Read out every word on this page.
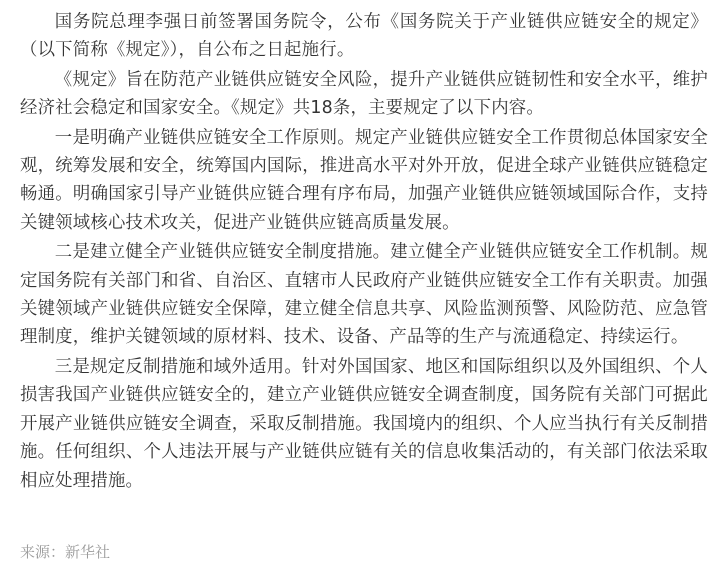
国务院总理李强日前签署国务院令，公布《国务院关于产业链供应链安全的规定》（以下简称《规定》），自公布之日起施行。

《规定》旨在防范产业链供应链安全风险，提升产业链供应链韧性和安全水平，维护经济社会稳定和国家安全。《规定》共18条，主要规定了以下内容。

一是明确产业链供应链安全工作原则。规定产业链供应链安全工作贯彻总体国家安全观，统筹发展和安全，统筹国内国际，推进高水平对外开放，促进全球产业链供应链稳定畅通。明确国家引导产业链供应链合理有序布局，加强产业链供应链领域国际合作，支持关键领域核心技术攻关，促进产业链供应链高质量发展。

二是建立健全产业链供应链安全制度措施。建立健全产业链供应链安全工作机制。规定国务院有关部门和省、自治区、直辖市人民政府产业链供应链安全工作有关职责。加强关键领域产业链供应链安全保障，建立健全信息共享、风险监测预警、风险防范、应急管理制度，维护关键领域的原材料、技术、设备、产品等的生产与流通稳定、持续运行。

三是规定反制措施和域外适用。针对外国国家、地区和国际组织以及外国组织、个人损害我国产业链供应链安全的，建立产业链供应链安全调查制度，国务院有关部门可据此开展产业链供应链安全调查，采取反制措施。我国境内的组织、个人应当执行有关反制措施。任何组织、个人违法开展与产业链供应链有关的信息收集活动的，有关部门依法采取相应处理措施。

来源：新华社
